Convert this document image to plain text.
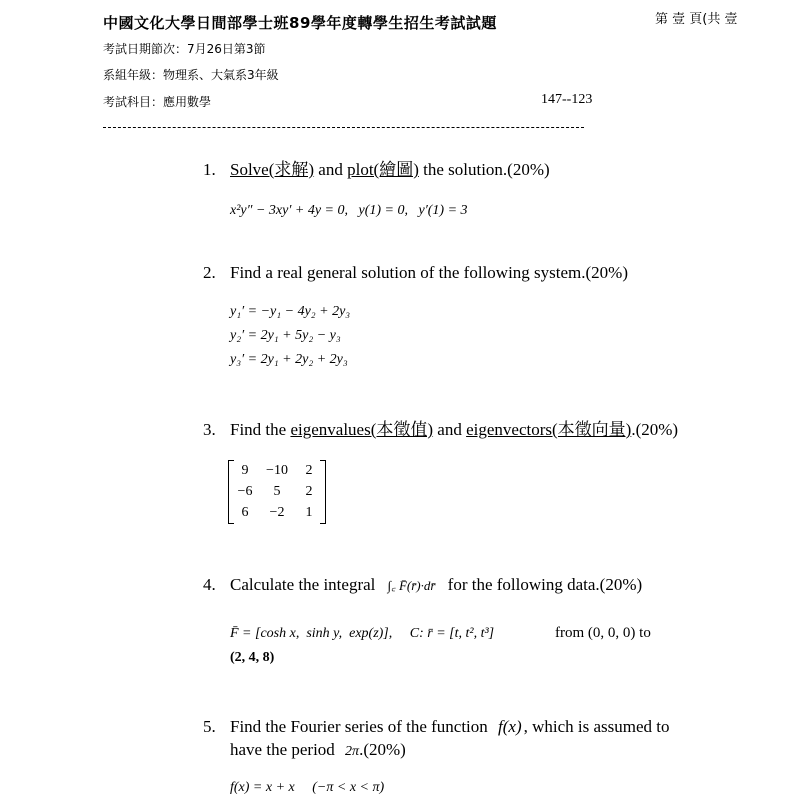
中國文化大學日間部學士班89學年度轉學生招生考試試題	第 壹 頁(共 壹
考試日期節次：7月26日第3節
系組年級：物理系、大氣系3年級
考試科目：應用數學	147--123
1. Solve(求解) and plot(繪圖) the solution.(20%)
x²y″ − 3xy′ + 4y = 0,   y(1) = 0,   y′(1) = 3
2. Find a real general solution of the following system.(20%)
y₁′ = −y₁ − 4y₂ + 2y₃
y₂′ = 2y₁ + 5y₂ − y₃
y₃′ = 2y₁ + 2y₂ + 2y₃
3. Find the eigenvalues(本徵值) and eigenvectors(本徵向量).(20%)
9	−10	2
−6	5	2
6	−2	1
4. Calculate the integral ∫꜀ F̄(r̄)·dr̄ for the following data.(20%)
F̄ = [cosh x,  sinh y,  exp(z)],     C: r̄ = [t, t², t³]	from (0, 0, 0) to
(2, 4, 8)
5. Find the Fourier series of the function f(x) , which is assumed to
have the period 2π.(20%)
f(x) = x + x     (−π < x < π)
